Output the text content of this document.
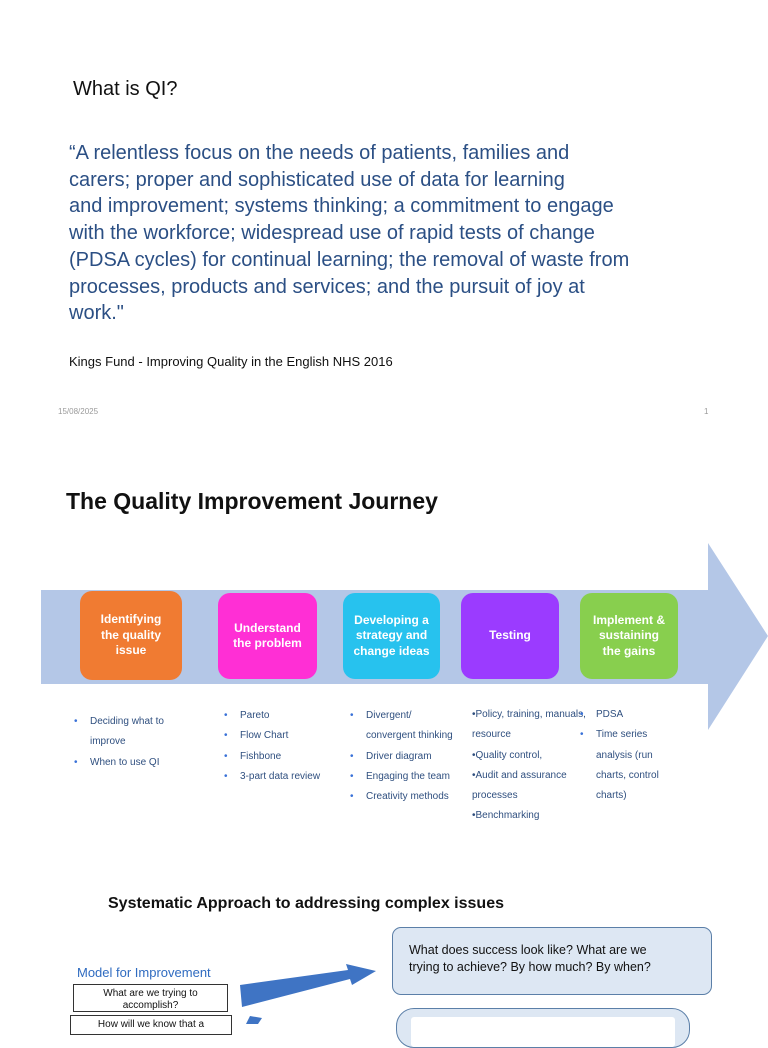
What is QI?
“A relentless focus on the needs of patients, families and
carers; proper and sophisticated use of data for learning
and improvement; systems thinking; a commitment to engage
with the workforce; widespread use of rapid tests of change
(PDSA cycles) for continual learning; the removal of waste from
processes, products and services; and the pursuit of joy at
work."
Kings Fund - Improving Quality in the English NHS 2016
15/08/2025	1
The Quality Improvement Journey
Identifying
the quality
issue
Understand
the problem
Developing a
strategy and
change ideas
Testing
Implement &
sustaining
the gains
• Deciding what to
improve
• When to use QI
• Pareto
• Flow Chart
• Fishbone
• 3-part data review
• Divergent/
convergent thinking
• Driver diagram
• Engaging the team
• Creativity methods
•Policy, training, manuals,
resource
•Quality control,
•Audit and assurance
processes
•Benchmarking
• PDSA
• Time series
analysis (run
charts, control
charts)
Systematic Approach to addressing complex issues
What does success look like? What are we
trying to achieve? By how much? By when?
Model for Improvement
What are we trying to
accomplish?
How will we know that a
